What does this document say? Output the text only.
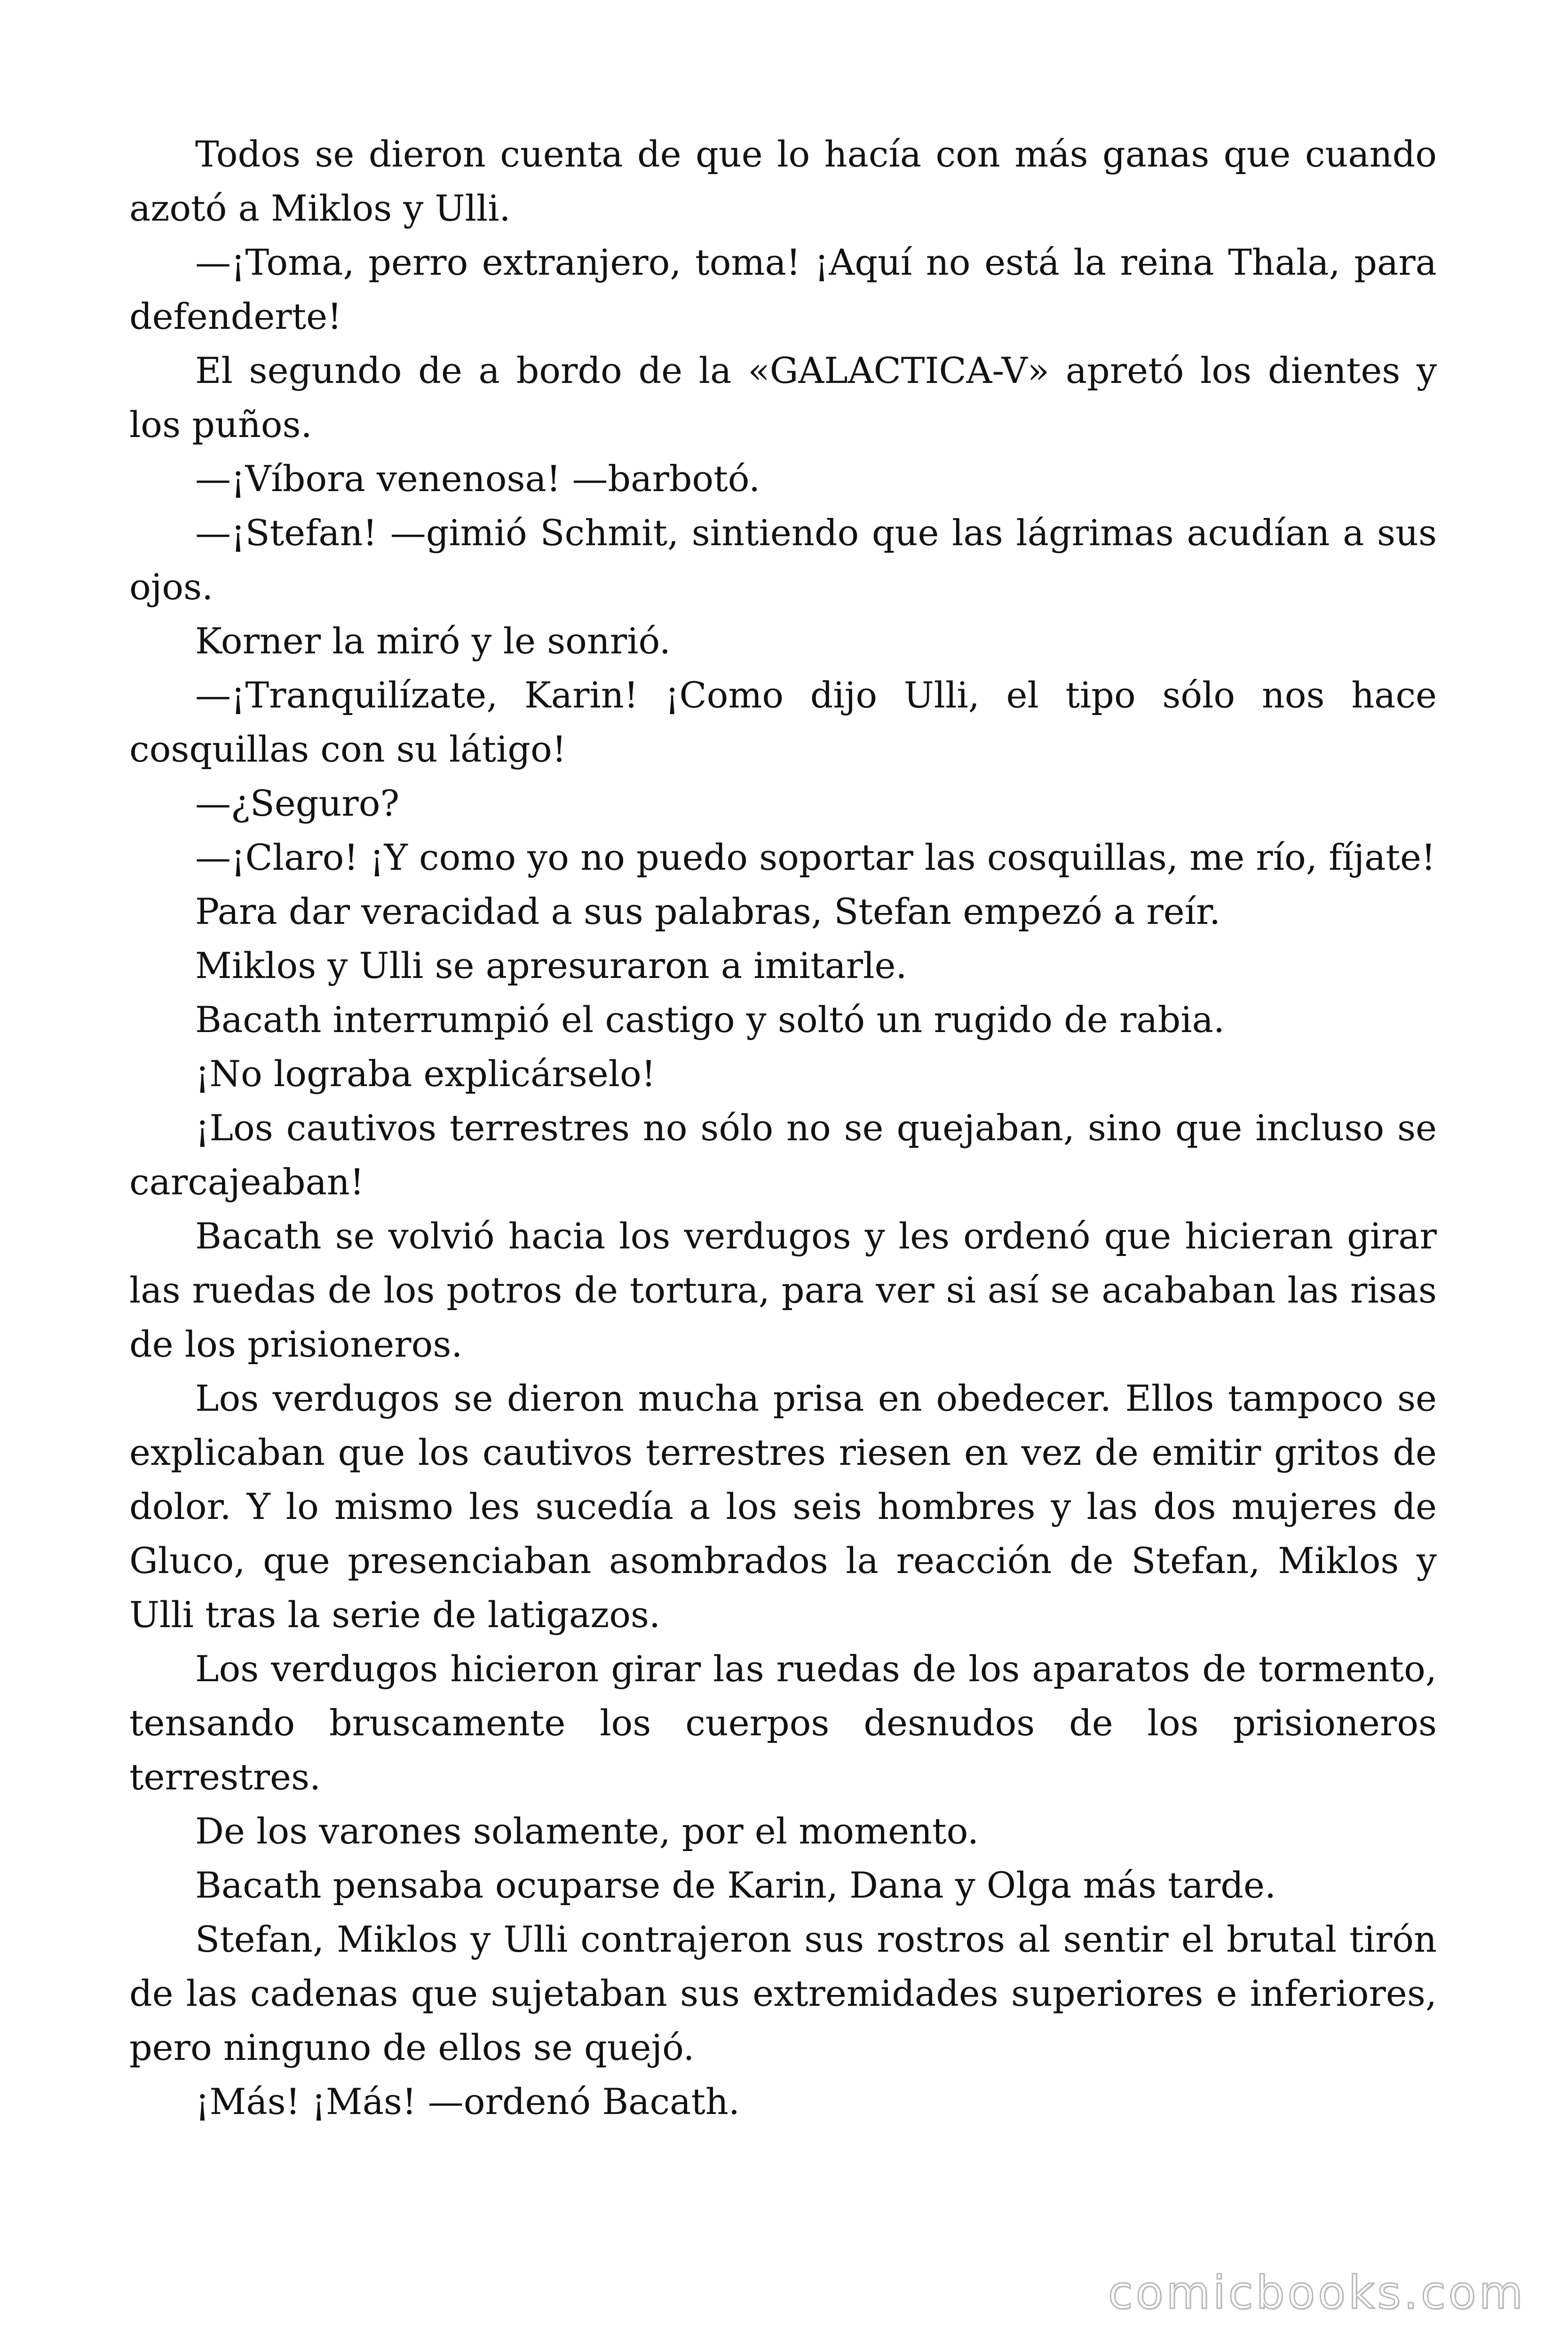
Todos se dieron cuenta de que lo hacía con más ganas que cuando azotó a Miklos y Ulli.

—¡Toma, perro extranjero, toma! ¡Aquí no está la reina Thala, para defenderte!

El segundo de a bordo de la «GALACTICA-V» apretó los dientes y los puños.

—¡Víbora venenosa! —barbotó.

—¡Stefan! —gimió Schmit, sintiendo que las lágrimas acudían a sus ojos.

Korner la miró y le sonrió.

—¡Tranquilízate, Karin! ¡Como dijo Ulli, el tipo sólo nos hace cosquillas con su látigo!

—¿Seguro?

—¡Claro! ¡Y como yo no puedo soportar las cosquillas, me río, fíjate!

Para dar veracidad a sus palabras, Stefan empezó a reír.

Miklos y Ulli se apresuraron a imitarle.

Bacath interrumpió el castigo y soltó un rugido de rabia.

¡No lograba explicárselo!

¡Los cautivos terrestres no sólo no se quejaban, sino que incluso se carcajeaban!

Bacath se volvió hacia los verdugos y les ordenó que hicieran girar las ruedas de los potros de tortura, para ver si así se acababan las risas de los prisioneros.

Los verdugos se dieron mucha prisa en obedecer. Ellos tampoco se explicaban que los cautivos terrestres riesen en vez de emitir gritos de dolor. Y lo mismo les sucedía a los seis hombres y las dos mujeres de Gluco, que presenciaban asombrados la reacción de Stefan, Miklos y Ulli tras la serie de latigazos.

Los verdugos hicieron girar las ruedas de los aparatos de tormento, tensando bruscamente los cuerpos desnudos de los prisioneros terrestres.

De los varones solamente, por el momento.

Bacath pensaba ocuparse de Karin, Dana y Olga más tarde.

Stefan, Miklos y Ulli contrajeron sus rostros al sentir el brutal tirón de las cadenas que sujetaban sus extremidades superiores e inferiores, pero ninguno de ellos se quejó.

¡Más! ¡Más! —ordenó Bacath.

comicbooks.com
